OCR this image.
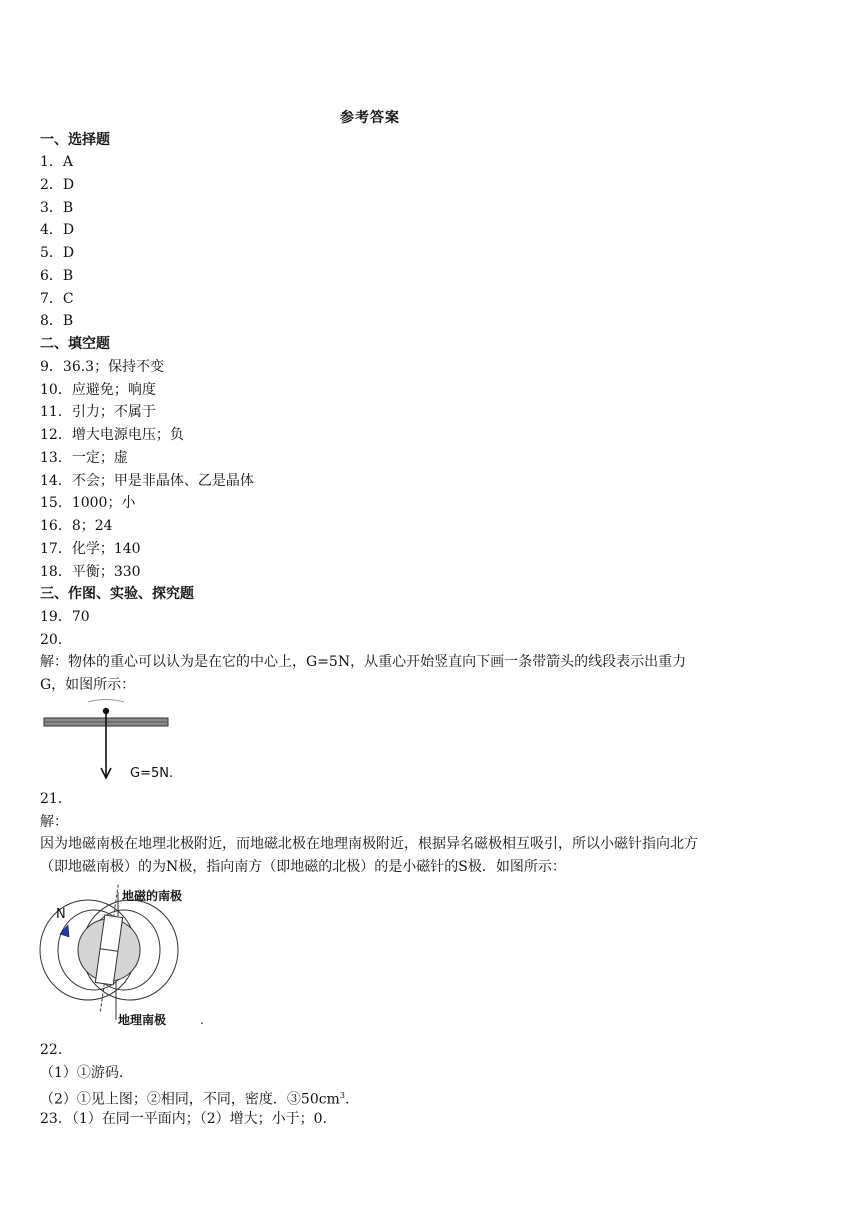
参考答案
一、选择题
1．A
2．D
3．B
4．D
5．D
6．B
7．C
8．B
二、填空题
9．36.3；保持不变
10．应避免；响度
11．引力；不属于
12．增大电源电压；负
13．一定；虚
14．不会；甲是非晶体、乙是晶体
15．1000；小
16．8；24
17．化学；140
18．平衡；330
三、作图、实验、探究题
19．70
20．
解：物体的重心可以认为是在它的中心上，G=5N，从重心开始竖直向下画一条带箭头的线段表示出重力G，如图所示：
G=5N.
21．
解：
因为地磁南极在地理北极附近，而地磁北极在地理南极附近，根据异名磁极相互吸引，所以小磁针指向北方（即地磁南极）的为N极，指向南方（即地磁的北极）的是小磁针的S极．如图所示：
N
地磁的南极
地理南极	.
22．
（1）①游码.
（2）①见上图；②相同，不同，密度．$③50cm^3$.
23．（1）在同一平面内；（2）增大；小于；0.
